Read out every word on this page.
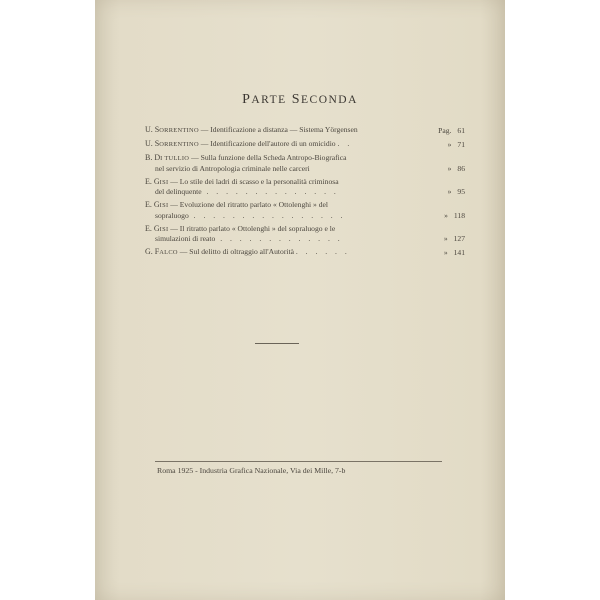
PARTE SECONDA
U. SORRENTINO — Identificazione a distanza — Sistema Yörgensen	Pag. 61
U. SORRENTINO — Identificazione dell'autore di un omicidio . .	» 71
B. DI TULLIO — Sulla funzione della Scheda Antropo-Biografica
nel servizio di Antropologia criminale nelle carceri	» 86
E. GISI — Lo stile dei ladri di scasso e la personalità criminosa
del delinquente . . . . . . . . . . . . . .	» 95
E. GISI — Evoluzione del ritratto parlato « Ottolenghi » del
sopraluogo . . . . . . . . . . . . . . . .	» 118
E. GISI — Il ritratto parlato « Ottolenghi » del sopraluogo e le
simulazioni di reato . . . . . . . . . . . . .	» 127
G. FALCO — Sul delitto di oltraggio all'Autorità . . . . . .	» 141
Roma 1925 - Industria Grafica Nazionale, Via dei Mille, 7-b
